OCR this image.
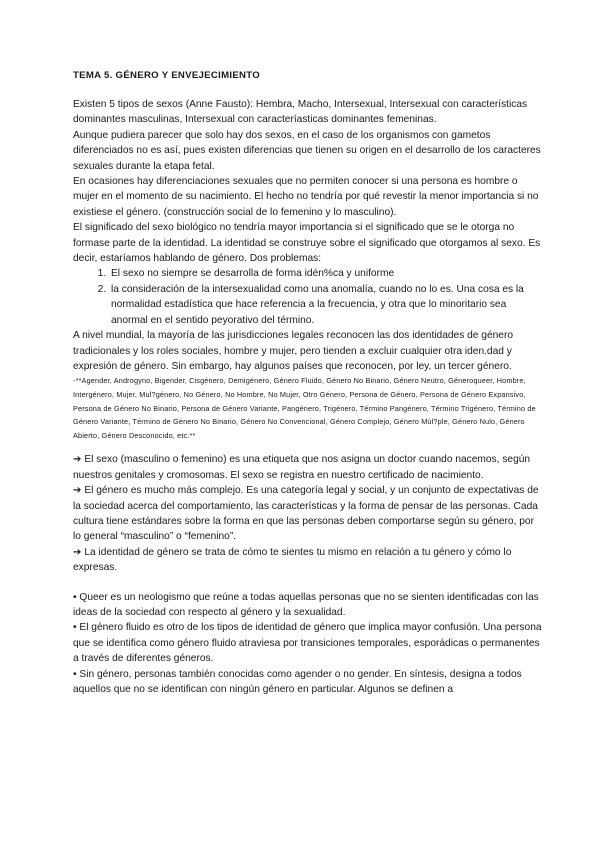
TEMA 5. GÉNERO Y ENVEJECIMIENTO

Existen 5 tipos de sexos (Anne Fausto): Hembra, Macho, Intersexual, Intersexual con características dominantes masculinas, Intersexual con caracteríasticas dominantes femeninas.

Aunque pudiera parecer que solo hay dos sexos, en el caso de los organismos con gametos diferenciados no es así, pues existen diferencias que tienen su origen en el desarrollo de los caracteres sexuales durante la etapa fetal.

En ocasiones hay diferenciaciones sexuales que no permiten conocer si una persona es hombre o mujer en el momento de su nacimiento. El hecho no tendría por qué revestir la menor importancia si no existiese el género. (construcción social de lo femenino y lo masculino).

El significado del sexo biológico no tendría mayor importancia si el significado que se le otorga no formase parte de la identidad. La identidad se construye sobre el significado que otorgamos al sexo. Es decir, estaríamos hablando de género. Dos problemas:

1. El sexo no siempre se desarrolla de forma idén%ca y uniforme
2. la consideración de la intersexualidad como una anomalía, cuando no lo es. Una cosa es la normalidad estadística que hace referencia a la frecuencia, y otra que lo minoritario sea anormal en el sentido peyorativo del término.

A nivel mundial, la mayoría de las jurisdicciones legales reconocen las dos identidades de género tradicionales y los roles sociales, hombre y mujer, pero tienden a excluir cualquier otra iden.dad y expresión de género. Sin embargo, hay algunos países que reconocen, por ley, un tercer género.

-**Agender, Androgyno, Bigender, Cisgénero, Demigénero, Género Fluido, Género No Binario, Género Neutro, Géneroqueer, Hombre, Intergénero, Mujer, Mul?género, No Género, No Hombre, No Mujer, Otro Género, Persona de Género, Persona de Género Expansivo, Persona de Género No Binario, Persona de Género Variante, Pangénero, Trigénero, Término Pangénero, Término Trigénero, Término de Género Variante, Término de Género No Binario, Género No Convencional, Género Complejo, Género Múl?ple, Género Nulo, Género Abierto, Género Desconocido, etc.**

➔ El sexo (masculino o femenino) es una etiqueta que nos asigna un doctor cuando nacemos, según nuestros genitales y cromosomas. El sexo se registra en nuestro certificado de nacimiento.

➔ El género es mucho más complejo. Es una categoría legal y social, y un conjunto de expectativas de la sociedad acerca del comportamiento, las características y la forma de pensar de las personas. Cada cultura tiene estándares sobre la forma en que las personas deben comportarse según su género, por lo general “masculino” o “femenino”.

➔ La identidad de género se trata de cómo te sientes tu mismo en relación a tu género y cómo lo expresas.

• Queer es un neologismo que reúne a todas aquellas personas que no se sienten identificadas con las ideas de la sociedad con respecto al género y la sexualidad.

• El género fluido es otro de los tipos de identidad de género que implica mayor confusión. Una persona que se identifica como género fluido atraviesa por transiciones temporales, esporádicas o permanentes a través de diferentes géneros.

• Sin género, personas también conocidas como agender o no gender. En síntesis, designa a todos aquellos que no se identifican con ningún género en particular. Algunos se definen a
